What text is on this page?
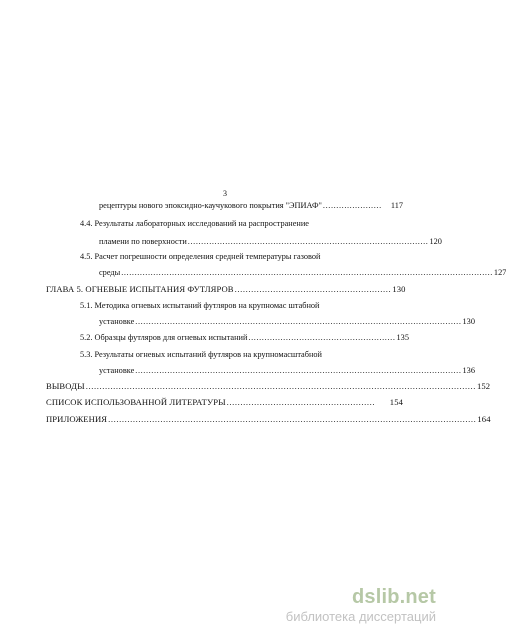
3
рецептуры нового эпоксидно-каучукового покрытия "ЭПИАФ" ......................	117
4.4. Результаты лабораторных исследований на распространение
пламени по поверхности .......................................................................................... 120
4.5. Расчет погрешности определения средней температуры газовой
среды ........................................................................................................................................... 127
ГЛАВА 5. ОГНЕВЫЕ ИСПЫТАНИЯ ФУТЛЯРОВ ......................................................... 130
5.1. Методика огневых испытаний футляров на крупномас штабной
установке .......................................................................................................................... 130
5.2. Образцы футляров для огневых испытаний ....................................................... 135
5.3. Результаты огневых испытаний футляров на крупномасштабной
установке .......................................................................................................................... 136
ВЫВОДЫ .............................................................................................................................................. 152
СПИСОК ИСПОЛЬЗОВАННОЙ ЛИТЕРАТУРЫ ......................................................	154
ПРИЛОЖЕНИЯ ...................................................................................................................................... 164
dslib.net
библиотека диссертаций
